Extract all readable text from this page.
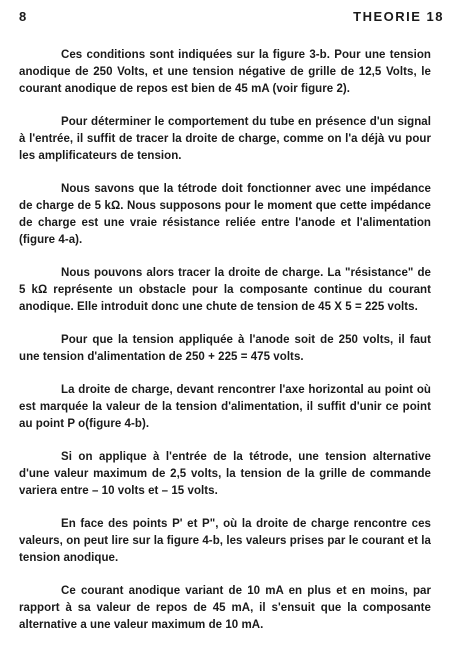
8	THEORIE 18

Ces conditions sont indiquées sur la figure 3-b. Pour une tension anodique de 250 Volts, et une tension négative de grille de 12,5 Volts, le courant anodique de repos est bien de 45 mA (voir figure 2).

Pour déterminer le comportement du tube en présence d'un signal à l'entrée, il suffit de tracer la droite de charge, comme on l'a déjà vu pour les amplificateurs de tension.

Nous savons que la tétrode doit fonctionner avec une impédance de charge de 5 kΩ. Nous supposons pour le moment que cette impédance de charge est une vraie résistance reliée entre l'anode et l'alimentation (figure 4-a).

Nous pouvons alors tracer la droite de charge. La "résistance" de 5 kΩ représente un obstacle pour la composante continue du courant anodique. Elle introduit donc une chute de tension de 45 X 5 = 225 volts.

Pour que la tension appliquée à l'anode soit de 250 volts, il faut une tension d'alimentation de 250 + 225 = 475 volts.

La droite de charge, devant rencontrer l'axe horizontal au point où est marquée la valeur de la tension d'alimentation, il suffit d'unir ce point au point P o(figure 4-b).

Si on applique à l'entrée de la tétrode, une tension alternative d'une valeur maximum de 2,5 volts, la tension de la grille de commande variera entre – 10 volts et – 15 volts.

En face des points P' et P", où la droite de charge rencontre ces valeurs, on peut lire sur la figure 4-b, les valeurs prises par le courant et la tension anodique.

Ce courant anodique variant de 10 mA en plus et en moins, par rapport à sa valeur de repos de 45 mA, il s'ensuit que la composante alternative a une valeur maximum de 10 mA.
